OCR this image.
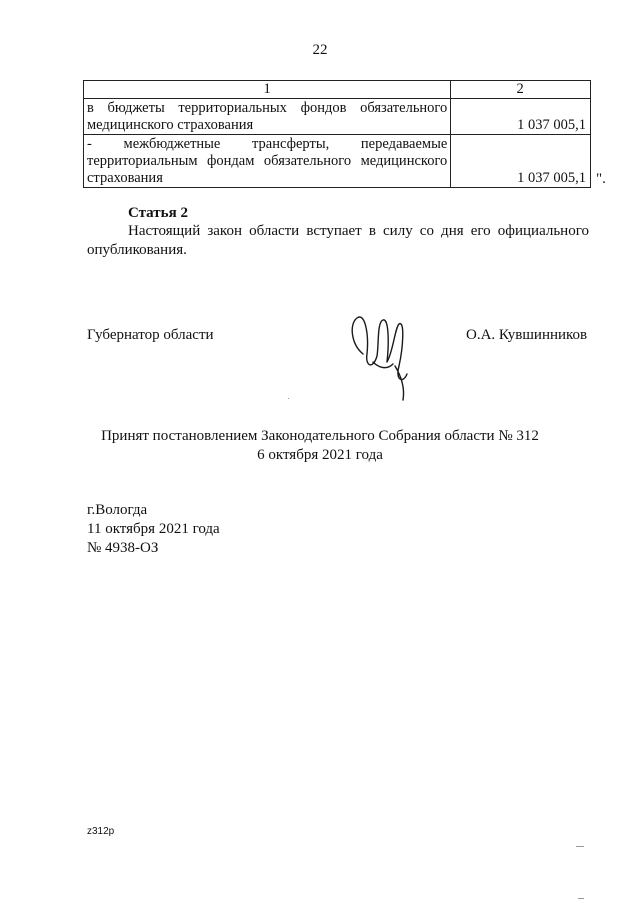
22
1	2
в бюджеты территориальных фондов обязательного медицинского страхования	1 037 005,1
- межбюджетные трансферты, передаваемые территориальным фондам обязательного медицинского страхования	1 037 005,1 ".
Статья 2
Настоящий закон области вступает в силу со дня его официального опубликования.
Губернатор области	О.А. Кувшинников
Принят постановлением Законодательного Собрания области № 312
6 октября 2021 года
г.Вологда
11 октября 2021 года
№ 4938-ОЗ
z312p
